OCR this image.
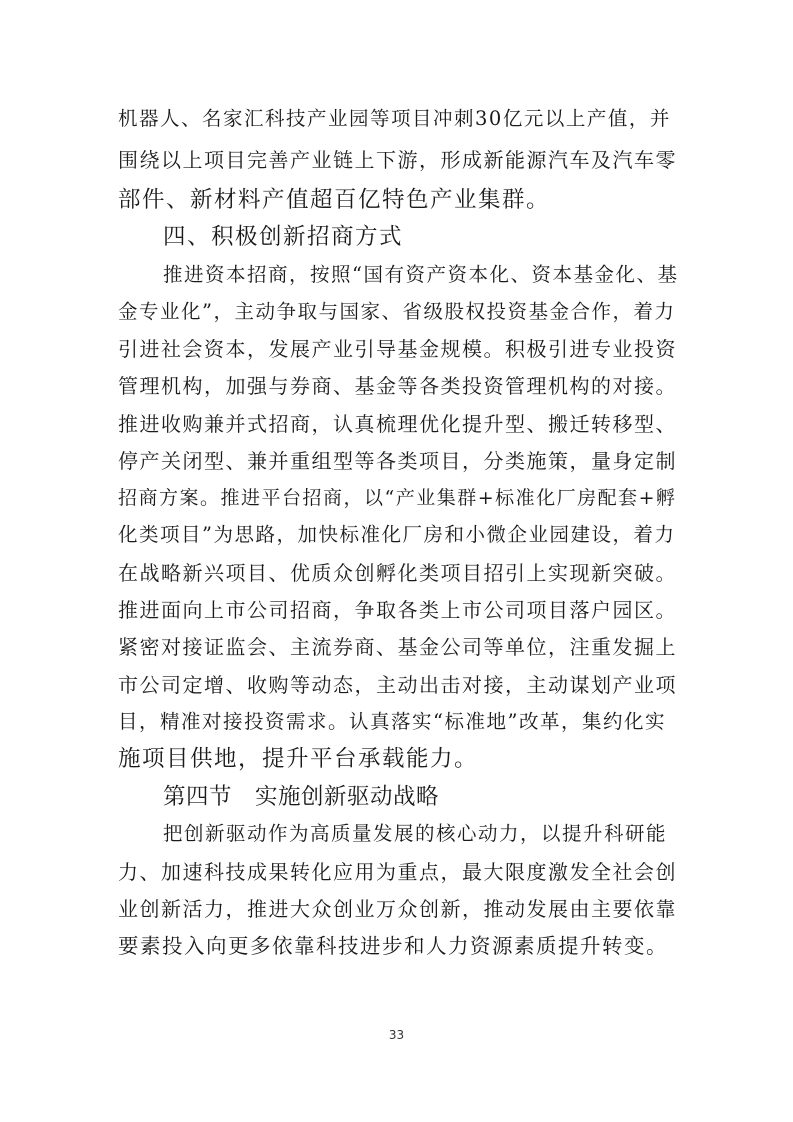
机器人、名家汇科技产业园等项目冲刺30亿元以上产值，并
围绕以上项目完善产业链上下游，形成新能源汽车及汽车零
部件、新材料产值超百亿特色产业集群。
四、积极创新招商方式
推进资本招商，按照“国有资产资本化、资本基金化、基
金专业化”，主动争取与国家、省级股权投资基金合作，着力
引进社会资本，发展产业引导基金规模。积极引进专业投资
管理机构，加强与券商、基金等各类投资管理机构的对接。
推进收购兼并式招商，认真梳理优化提升型、搬迁转移型、
停产关闭型、兼并重组型等各类项目，分类施策，量身定制
招商方案。推进平台招商，以“产业集群+标准化厂房配套+孵
化类项目”为思路，加快标准化厂房和小微企业园建设，着力
在战略新兴项目、优质众创孵化类项目招引上实现新突破。
推进面向上市公司招商，争取各类上市公司项目落户园区。
紧密对接证监会、主流券商、基金公司等单位，注重发掘上
市公司定增、收购等动态，主动出击对接，主动谋划产业项
目，精准对接投资需求。认真落实“标准地”改革，集约化实
施项目供地，提升平台承载能力。
第四节　实施创新驱动战略
把创新驱动作为高质量发展的核心动力，以提升科研能
力、加速科技成果转化应用为重点，最大限度激发全社会创
业创新活力，推进大众创业万众创新，推动发展由主要依靠
要素投入向更多依靠科技进步和人力资源素质提升转变。
33
